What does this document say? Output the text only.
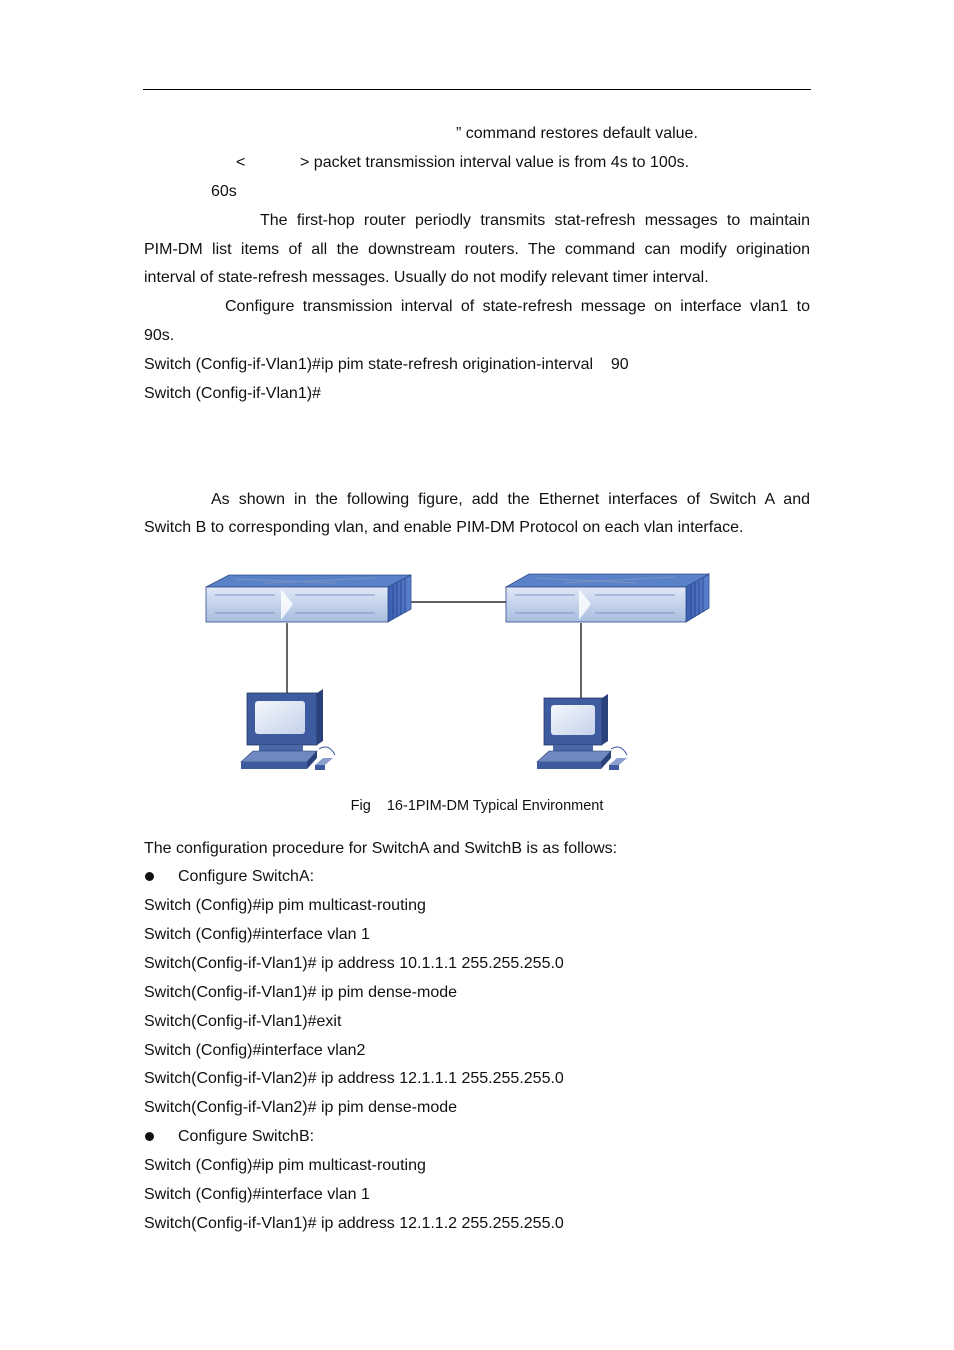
” command restores default value.
<	> packet transmission interval value is from 4s to 100s.
60s
The first-hop router periodly transmits stat-refresh messages to maintain
PIM-DM list items of all the downstream routers. The command can modify origination
interval of state-refresh messages. Usually do not modify relevant timer interval.
Configure transmission interval of state-refresh message on interface vlan1 to
90s.
Switch (Config-if-Vlan1)#ip pim state-refresh origination-interval    90
Switch (Config-if-Vlan1)#
As shown in the following figure, add the Ethernet interfaces of Switch A and
Switch B to corresponding vlan, and enable PIM-DM Protocol on each vlan interface.
Fig    16-1PIM-DM Typical Environment
The configuration procedure for SwitchA and SwitchB is as follows:
Configure SwitchA:
Switch (Config)#ip pim multicast-routing
Switch (Config)#interface vlan 1
Switch(Config-if-Vlan1)# ip address 10.1.1.1 255.255.255.0
Switch(Config-if-Vlan1)# ip pim dense-mode
Switch(Config-if-Vlan1)#exit
Switch (Config)#interface vlan2
Switch(Config-if-Vlan2)# ip address 12.1.1.1 255.255.255.0
Switch(Config-if-Vlan2)# ip pim dense-mode
Configure SwitchB:
Switch (Config)#ip pim multicast-routing
Switch (Config)#interface vlan 1
Switch(Config-if-Vlan1)# ip address 12.1.1.2 255.255.255.0
